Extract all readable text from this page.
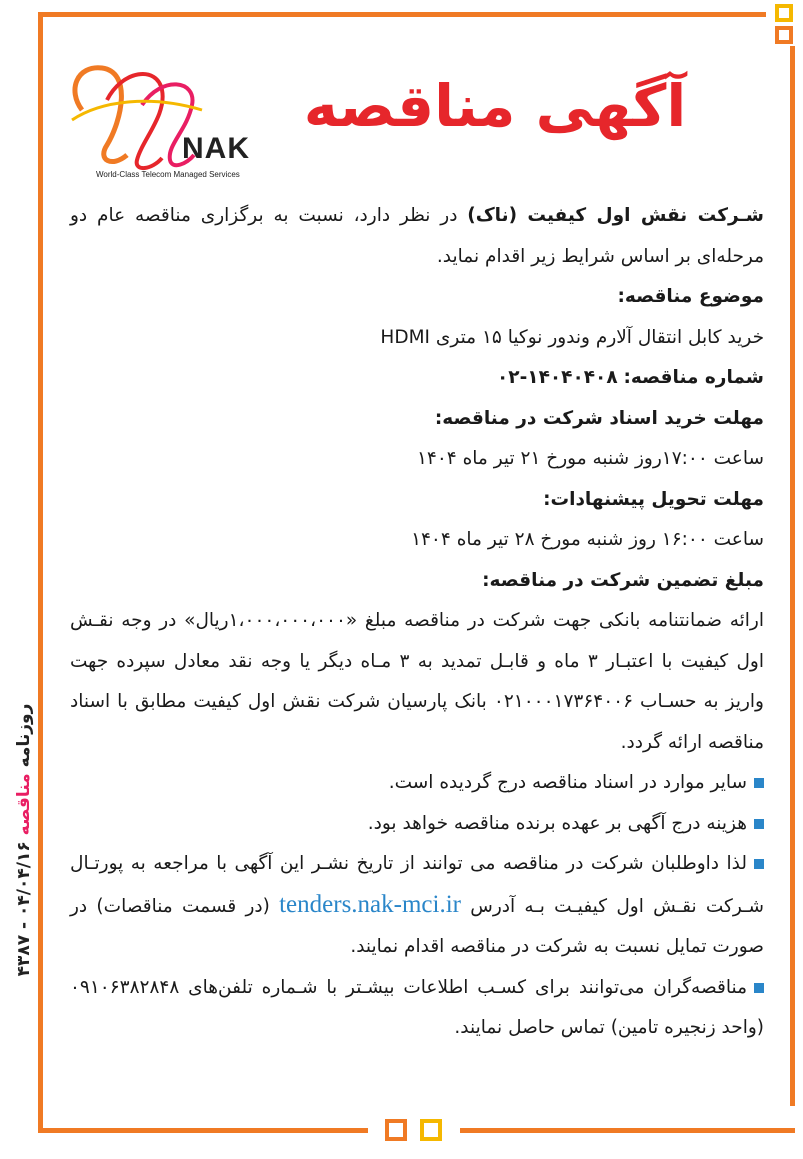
NAK
World-Class Telecom Managed Services
آگهی مناقصه

شـرکت نقش اول کیفیت (ناک) در نظر دارد، نسبت به برگزاری مناقصه عام دو مرحله‌ای بر اساس شرایط زیر اقدام نماید.

موضوع مناقصه:

خرید کابل انتقال آلارم وندور نوکیا ۱۵ متری HDMI

شماره مناقصه: ۱۴۰۴۰۴۰۸-۰۲

مهلت خرید اسناد شرکت در مناقصه:

ساعت ۱۷:۰۰روز شنبه مورخ ۲۱ تیر ماه ۱۴۰۴

مهلت تحویل پیشنهادات:

ساعت ۱۶:۰۰ روز شنبه مورخ ۲۸ تیر ماه ۱۴۰۴

مبلغ تضمین شرکت در مناقصه:

ارائه ضمانتنامه بانکی جهت شرکت در مناقصه مبلغ «۱،۰۰۰،۰۰۰،۰۰۰ریال» در وجه نقـش اول کیفیت با اعتبـار ۳ ماه و قابـل تمدید به ۳ مـاه دیگر یا وجه نقد معادل سپرده جهت واریز به حسـاب ۰۲۱۰۰۰۱۷۳۶۴۰۰۶ بانک پارسیان شرکت نقش اول کیفیت مطابق با اسناد مناقصه ارائه گردد.

سایر موارد در اسناد مناقصه درج گردیده است.

هزینه درج آگهی بر عهده برنده مناقصه خواهد بود.

لذا داوطلبان شرکت در مناقصه می توانند از تاریخ نشـر این آگهی با مراجعه به پورتـال شـرکت نقـش اول کیفیـت بـه آدرس tenders.nak-mci.ir (در قسمت مناقصات) در صورت تمایل نسبت به شرکت در مناقصه اقدام نمایند.

مناقصه‌گران می‌توانند برای کسـب اطلاعات بیشـتر با شـماره تلفن‌های ۰۹۱۰۶۳۸۲۸۴۸ (واحد زنجیره تامین) تماس حاصل نمایند.

روزنامه مناقصه ۰۴/۰۴/۱۶ - ۴۳۸۷
